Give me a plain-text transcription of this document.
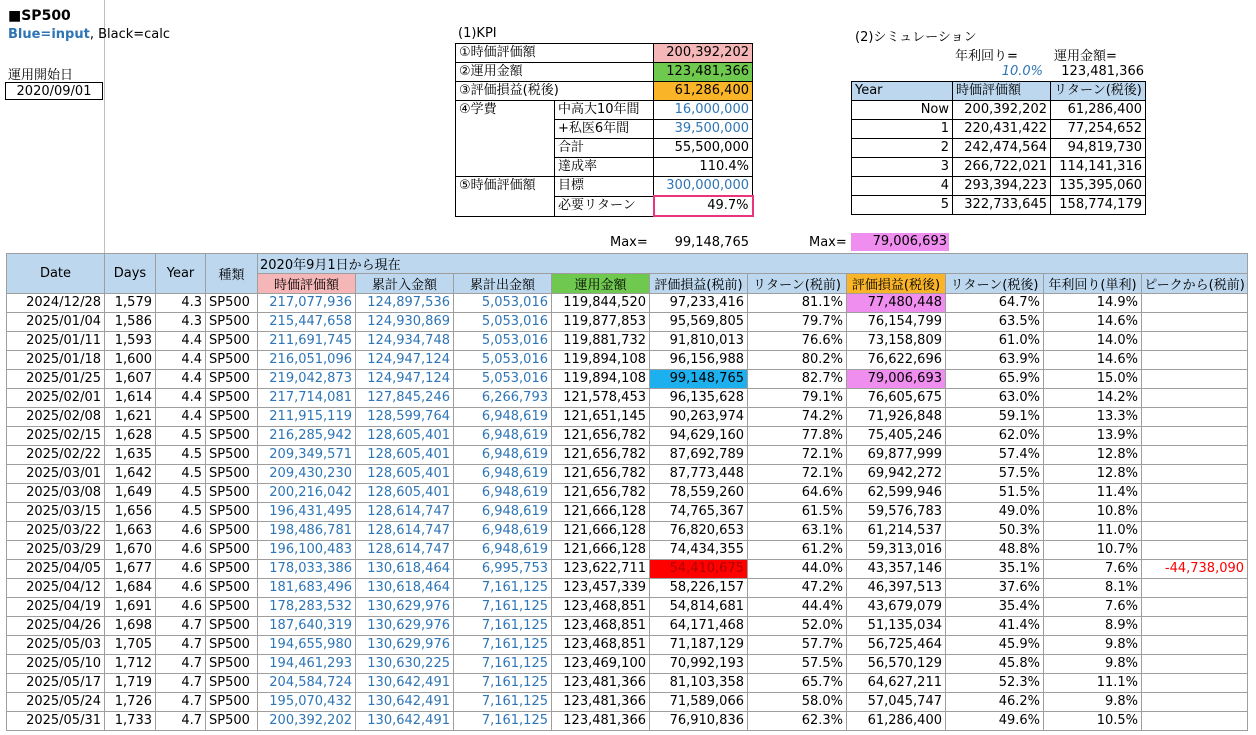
■SP500
Blue=input, Black=calc
運用開始日
2020/09/01
(1)KPI
①時価評価額		200,392,202
②運用金額		123,481,366
③評価損益(税後)		61,286,400
④学費	中高大10年間	16,000,000
	+私医6年間	39,500,000
	合計	55,500,000
	達成率	110.4%
⑤時価評価額	目標	300,000,000
	必要リターン	49.7%
(2)シミュレーション
年利回り=	運用金額=
10.0%	123,481,366
Year	時価評価額	リターン(税後)
Now	200,392,202	61,286,400
1	220,431,422	77,254,652
2	242,474,564	94,819,730
3	266,722,021	114,141,316
4	293,394,223	135,395,060
5	322,733,645	158,774,179
Max=	99,148,765	Max=	79,006,693
Date	Days	Year	種類	2020年9月1日から現在									
				時価評価額	累計入金額	累計出金額	運用金額	評価損益(税前)	リターン(税前)	評価損益(税後)	リターン(税後)	年利回り(単利)	ピークから(税前)
2024/12/28	1,579	4.3	SP500	217,077,936	124,897,536	5,053,016	119,844,520	97,233,416	81.1%	77,480,448	64.7%	14.9%	
2025/01/04	1,586	4.3	SP500	215,447,658	124,930,869	5,053,016	119,877,853	95,569,805	79.7%	76,154,799	63.5%	14.6%	
2025/01/11	1,593	4.4	SP500	211,691,745	124,934,748	5,053,016	119,881,732	91,810,013	76.6%	73,158,809	61.0%	14.0%	
2025/01/18	1,600	4.4	SP500	216,051,096	124,947,124	5,053,016	119,894,108	96,156,988	80.2%	76,622,696	63.9%	14.6%	
2025/01/25	1,607	4.4	SP500	219,042,873	124,947,124	5,053,016	119,894,108	99,148,765	82.7%	79,006,693	65.9%	15.0%	
2025/02/01	1,614	4.4	SP500	217,714,081	127,845,246	6,266,793	121,578,453	96,135,628	79.1%	76,605,675	63.0%	14.2%	
2025/02/08	1,621	4.4	SP500	211,915,119	128,599,764	6,948,619	121,651,145	90,263,974	74.2%	71,926,848	59.1%	13.3%	
2025/02/15	1,628	4.5	SP500	216,285,942	128,605,401	6,948,619	121,656,782	94,629,160	77.8%	75,405,246	62.0%	13.9%	
2025/02/22	1,635	4.5	SP500	209,349,571	128,605,401	6,948,619	121,656,782	87,692,789	72.1%	69,877,999	57.4%	12.8%	
2025/03/01	1,642	4.5	SP500	209,430,230	128,605,401	6,948,619	121,656,782	87,773,448	72.1%	69,942,272	57.5%	12.8%	
2025/03/08	1,649	4.5	SP500	200,216,042	128,605,401	6,948,619	121,656,782	78,559,260	64.6%	62,599,946	51.5%	11.4%	
2025/03/15	1,656	4.5	SP500	196,431,495	128,614,747	6,948,619	121,666,128	74,765,367	61.5%	59,576,783	49.0%	10.8%	
2025/03/22	1,663	4.6	SP500	198,486,781	128,614,747	6,948,619	121,666,128	76,820,653	63.1%	61,214,537	50.3%	11.0%	
2025/03/29	1,670	4.6	SP500	196,100,483	128,614,747	6,948,619	121,666,128	74,434,355	61.2%	59,313,016	48.8%	10.7%	
2025/04/05	1,677	4.6	SP500	178,033,386	130,618,464	6,995,753	123,622,711	54,410,675	44.0%	43,357,146	35.1%	7.6%	-44,738,090
2025/04/12	1,684	4.6	SP500	181,683,496	130,618,464	7,161,125	123,457,339	58,226,157	47.2%	46,397,513	37.6%	8.1%	
2025/04/19	1,691	4.6	SP500	178,283,532	130,629,976	7,161,125	123,468,851	54,814,681	44.4%	43,679,079	35.4%	7.6%	
2025/04/26	1,698	4.7	SP500	187,640,319	130,629,976	7,161,125	123,468,851	64,171,468	52.0%	51,135,034	41.4%	8.9%	
2025/05/03	1,705	4.7	SP500	194,655,980	130,629,976	7,161,125	123,468,851	71,187,129	57.7%	56,725,464	45.9%	9.8%	
2025/05/10	1,712	4.7	SP500	194,461,293	130,630,225	7,161,125	123,469,100	70,992,193	57.5%	56,570,129	45.8%	9.8%	
2025/05/17	1,719	4.7	SP500	204,584,724	130,642,491	7,161,125	123,481,366	81,103,358	65.7%	64,627,211	52.3%	11.1%	
2025/05/24	1,726	4.7	SP500	195,070,432	130,642,491	7,161,125	123,481,366	71,589,066	58.0%	57,045,747	46.2%	9.8%	
2025/05/31	1,733	4.7	SP500	200,392,202	130,642,491	7,161,125	123,481,366	76,910,836	62.3%	61,286,400	49.6%	10.5%	
